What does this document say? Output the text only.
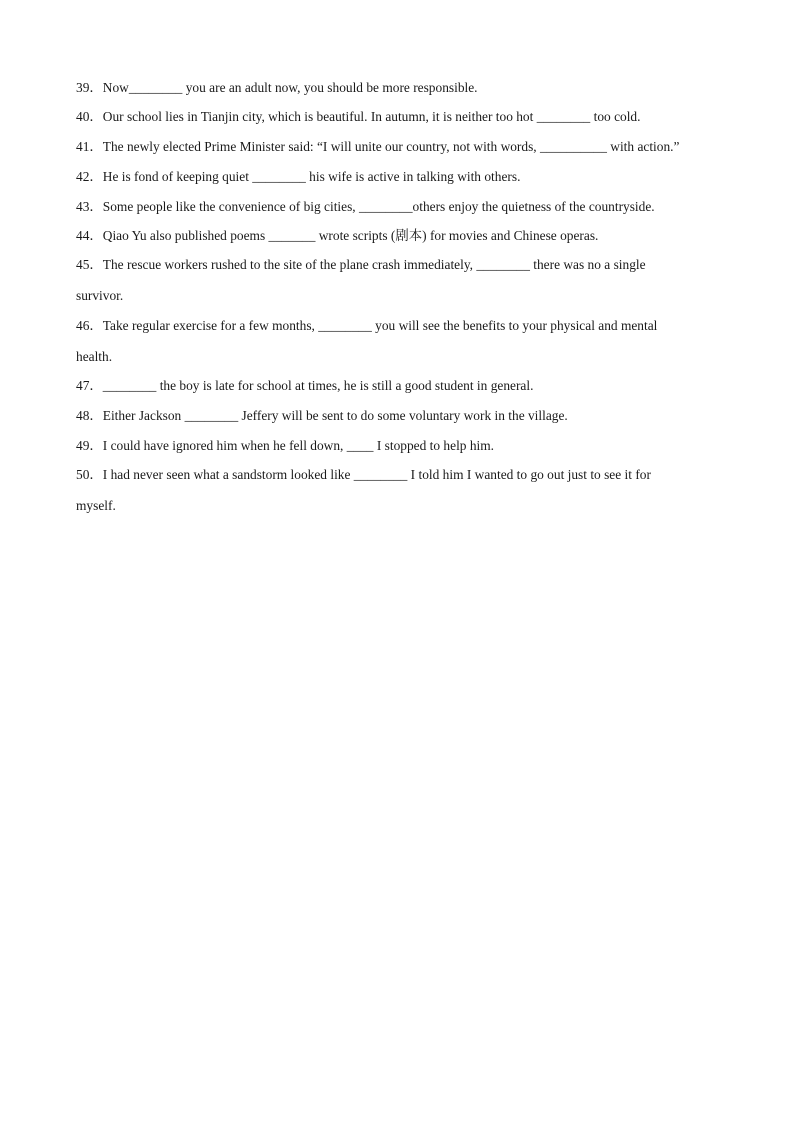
39．Now________ you are an adult now, you should be more responsible.
40．Our school lies in Tianjin city, which is beautiful. In autumn, it is neither too hot ________ too cold.
41．The newly elected Prime Minister said: “I will unite our country, not with words, __________ with action.”
42．He is fond of keeping quiet ________ his wife is active in talking with others.
43．Some people like the convenience of big cities, ________others enjoy the quietness of the countryside.
44．Qiao Yu also published poems _______ wrote scripts (剧本) for movies and Chinese operas.
45．The rescue workers rushed to the site of the plane crash immediately, ________ there was no a single
survivor.
46．Take regular exercise for a few months, ________ you will see the benefits to your physical and mental
health.
47．________ the boy is late for school at times, he is still a good student in general.
48．Either Jackson ________ Jeffery will be sent to do some voluntary work in the village.
49．I could have ignored him when he fell down, ____ I stopped to help him.
50．I had never seen what a sandstorm looked like ________ I told him I wanted to go out just to see it for
myself.
